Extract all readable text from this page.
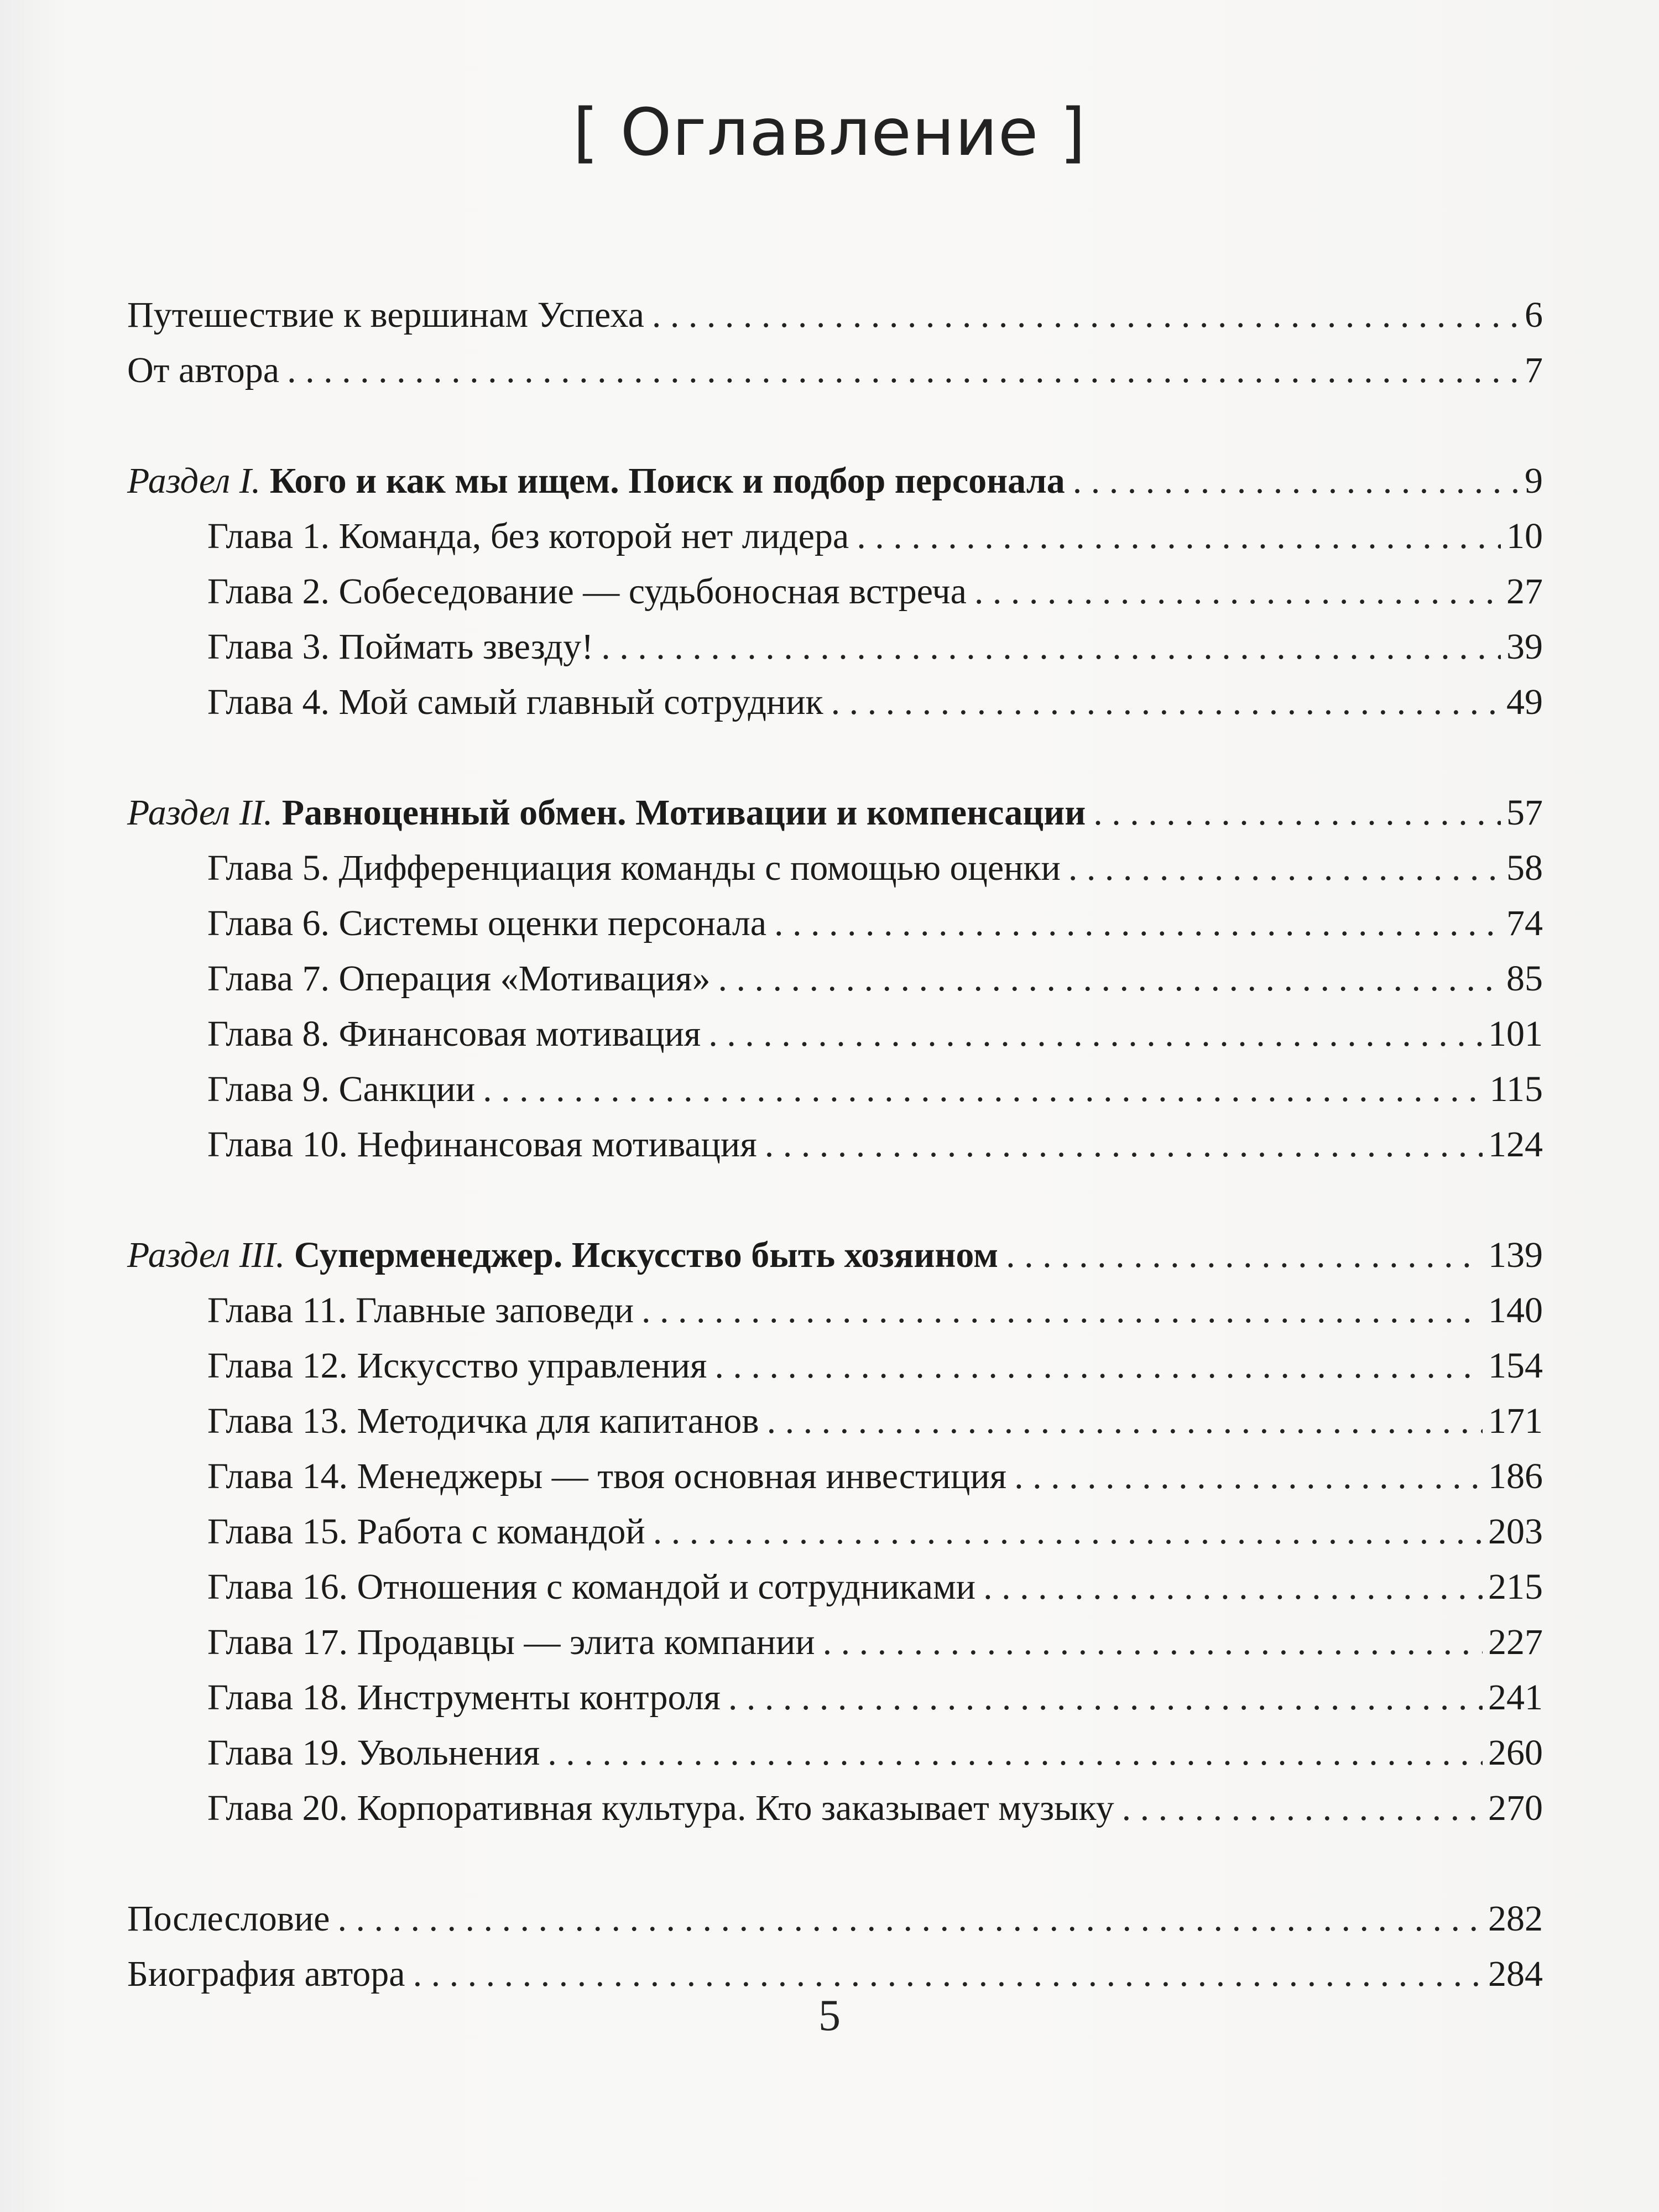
[ Оглавление ]
Путешествие к вершинам Успеха . . .	6
От автора . . .	7
Раздел I. Кого и как мы ищем. Поиск и подбор персонала . . .	9
Глава 1. Команда, без которой нет лидера . . .	10
Глава 2. Собеседование — судьбоносная встреча . . .	27
Глава 3. Поймать звезду! . . .	39
Глава 4. Мой самый главный сотрудник . . .	49
Раздел II. Равноценный обмен. Мотивации и компенсации . . .	57
Глава 5. Дифференциация команды с помощью оценки . . .	58
Глава 6. Системы оценки персонала . . .	74
Глава 7. Операция «Мотивация» . . .	85
Глава 8. Финансовая мотивация . . .	101
Глава 9. Санкции . . .	115
Глава 10. Нефинансовая мотивация . . .	124
Раздел III. Суперменеджер. Искусство быть хозяином . . .	139
Глава 11. Главные заповеди . . .	140
Глава 12. Искусство управления . . .	154
Глава 13. Методичка для капитанов . . .	171
Глава 14. Менеджеры — твоя основная инвестиция . . .	186
Глава 15. Работа с командой . . .	203
Глава 16. Отношения с командой и сотрудниками . . .	215
Глава 17. Продавцы — элита компании . . .	227
Глава 18. Инструменты контроля . . .	241
Глава 19. Увольнения . . .	260
Глава 20. Корпоративная культура. Кто заказывает музыку . . .	270
Послесловие . . .	282
Биография автора . . .	284
5
